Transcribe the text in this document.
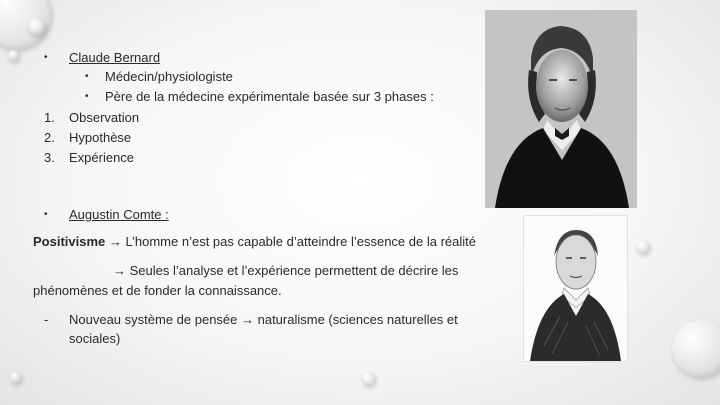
• Claude Bernard
• Médecin/physiologiste
• Père de la médecine expérimentale basée sur 3 phases :
1. Observation
2. Hypothèse
3. Expérience
• Augustin Comte :
Positivisme → L’homme n’est pas capable d’atteindre l’essence de la réalité
→ Seules l’analyse et l’expérience permettent de décrire les
phénomènes et de fonder la connaissance.
- Nouveau système de pensée → naturalisme (sciences naturelles et
sociales)
